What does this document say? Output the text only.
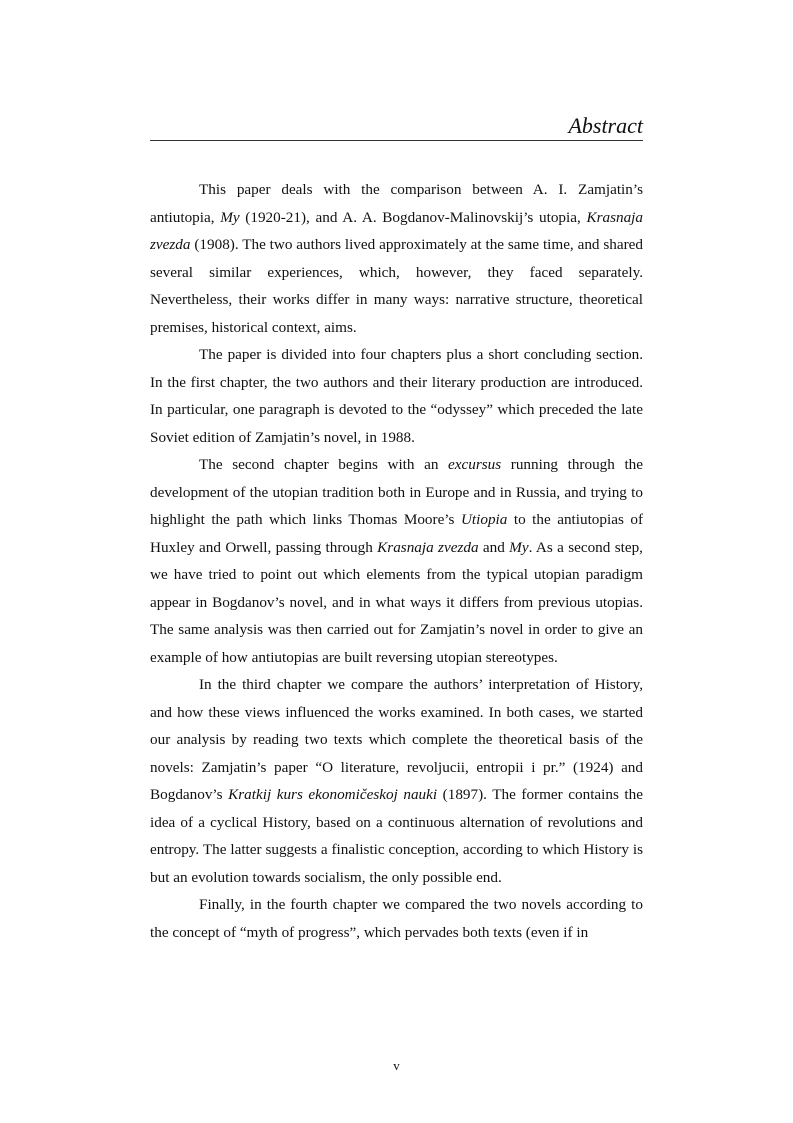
Abstract

This paper deals with the comparison between A. I. Zamjatin’s antiutopia, My (1920-21), and A. A. Bogdanov-Malinovskij’s utopia, Krasnaja zvezda (1908). The two authors lived approximately at the same time, and shared several similar experiences, which, however, they faced separately. Nevertheless, their works differ in many ways: narrative structure, theoretical premises, historical context, aims.

The paper is divided into four chapters plus a short concluding section. In the first chapter, the two authors and their literary production are introduced. In particular, one paragraph is devoted to the “odyssey” which preceded the late Soviet edition of Zamjatin’s novel, in 1988.

The second chapter begins with an excursus running through the development of the utopian tradition both in Europe and in Russia, and trying to highlight the path which links Thomas Moore’s Utiopia to the antiutopias of Huxley and Orwell, passing through Krasnaja zvezda and My. As a second step, we have tried to point out which elements from the typical utopian paradigm appear in Bogdanov’s novel, and in what ways it differs from previous utopias. The same analysis was then carried out for Zamjatin’s novel in order to give an example of how antiutopias are built reversing utopian stereotypes.

In the third chapter we compare the authors’ interpretation of History, and how these views influenced the works examined. In both cases, we started our analysis by reading two texts which complete the theoretical basis of the novels: Zamjatin’s paper “O literature, revoljucii, entropii i pr.” (1924) and Bogdanov’s Kratkij kurs ekonomičeskoj nauki (1897). The former contains the idea of a cyclical History, based on a continuous alternation of revolutions and entropy. The latter suggests a finalistic conception, according to which History is but an evolution towards socialism, the only possible end.

Finally, in the fourth chapter we compared the two novels according to the concept of “myth of progress”, which pervades both texts (even if in

v
